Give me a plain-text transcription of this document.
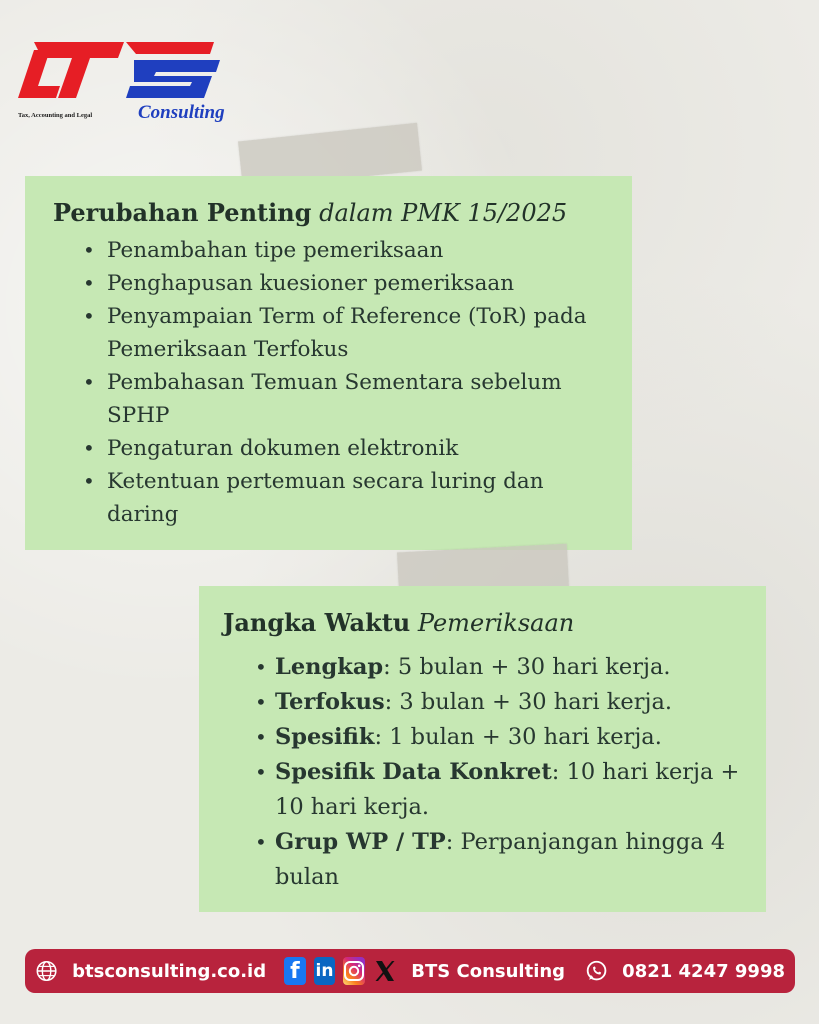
Tax, Accounting and Legal Consulting
Perubahan Penting dalam PMK 15/2025
• Penambahan tipe pemeriksaan
• Penghapusan kuesioner pemeriksaan
• Penyampaian Term of Reference (ToR) pada Pemeriksaan Terfokus
• Pembahasan Temuan Sementara sebelum SPHP
• Pengaturan dokumen elektronik
• Ketentuan pertemuan secara luring dan daring
Jangka Waktu Pemeriksaan
• Lengkap: 5 bulan + 30 hari kerja.
• Terfokus: 3 bulan + 30 hari kerja.
• Spesifik: 1 bulan + 30 hari kerja.
• Spesifik Data Konkret: 10 hari kerja + 10 hari kerja.
• Grup WP / TP: Perpanjangan hingga 4 bulan
btsconsulting.co.id f in	BTS Consulting	0821 4247 9998
